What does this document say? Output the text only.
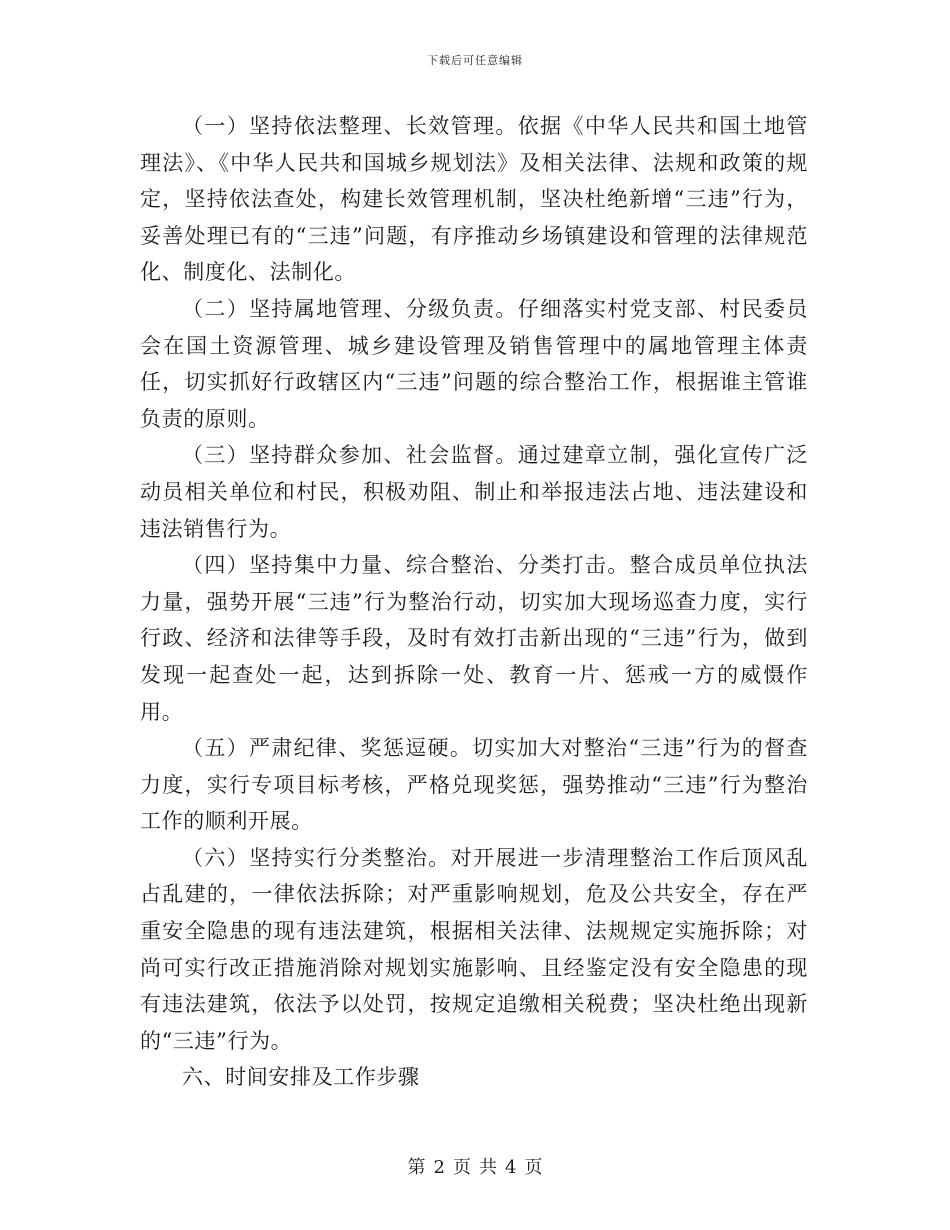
下载后可任意编辑

（一）坚持依法整理、长效管理。依据《中华人民共和国土地管理法》、《中华人民共和国城乡规划法》及相关法律、法规和政策的规定，坚持依法查处，构建长效管理机制，坚决杜绝新增“三违”行为，妥善处理已有的“三违”问题，有序推动乡场镇建设和管理的法律规范化、制度化、法制化。

（二）坚持属地管理、分级负责。仔细落实村党支部、村民委员会在国土资源管理、城乡建设管理及销售管理中的属地管理主体责任，切实抓好行政辖区内“三违”问题的综合整治工作，根据谁主管谁负责的原则。

（三）坚持群众参加、社会监督。通过建章立制，强化宣传广泛动员相关单位和村民，积极劝阻、制止和举报违法占地、违法建设和违法销售行为。

（四）坚持集中力量、综合整治、分类打击。整合成员单位执法力量，强势开展“三违”行为整治行动，切实加大现场巡查力度，实行行政、经济和法律等手段，及时有效打击新出现的“三违”行为，做到发现一起查处一起，达到拆除一处、教育一片、惩戒一方的威慑作用。

（五）严肃纪律、奖惩逗硬。切实加大对整治“三违”行为的督查力度，实行专项目标考核，严格兑现奖惩，强势推动“三违”行为整治工作的顺利开展。

（六）坚持实行分类整治。对开展进一步清理整治工作后顶风乱占乱建的，一律依法拆除；对严重影响规划，危及公共安全，存在严重安全隐患的现有违法建筑，根据相关法律、法规规定实施拆除；对尚可实行改正措施消除对规划实施影响、且经鉴定没有安全隐患的现有违法建筑，依法予以处罚，按规定追缴相关税费；坚决杜绝出现新的“三违”行为。

六、时间安排及工作步骤

第 2 页 共 4 页
